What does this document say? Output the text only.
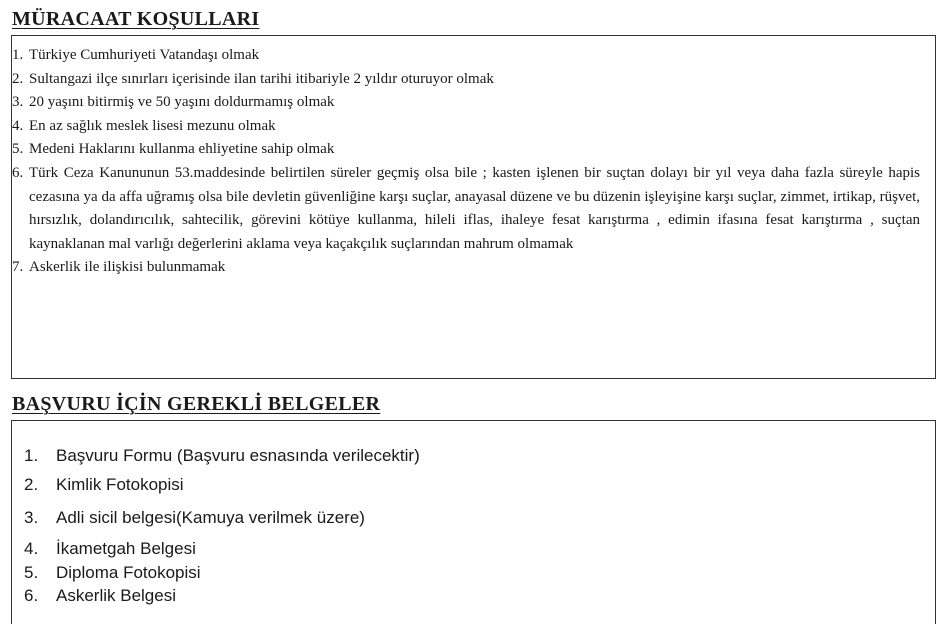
MÜRACAAT KOŞULLARI
1. Türkiye Cumhuriyeti Vatandaşı olmak
2. Sultangazi ilçe sınırları içerisinde ilan tarihi itibariyle 2 yıldır oturuyor olmak
3. 20 yaşını bitirmiş ve 50 yaşını doldurmamış olmak
4. En az sağlık meslek lisesi mezunu olmak
5. Medeni Haklarını kullanma ehliyetine sahip olmak
6. Türk Ceza Kanununun 53.maddesinde belirtilen süreler geçmiş olsa bile ; kasten işlenen bir suçtan dolayı bir yıl veya daha fazla süreyle hapis cezasına ya da affa uğramış olsa bile devletin güvenliğine karşı suçlar, anayasal düzene ve bu düzenin işleyişine karşı suçlar, zimmet, irtikap, rüşvet, hırsızlık, dolandırıcılık, sahtecilik, görevini kötüye kullanma, hileli iflas, ihaleye fesat karıştırma , edimin ifasına fesat karıştırma , suçtan kaynaklanan mal varlığı değerlerini aklama veya kaçakçılık suçlarından mahrum olmamak
7. Askerlik ile ilişkisi bulunmamak
BAŞVURU İÇİN GEREKLİ BELGELER
1.	Başvuru Formu (Başvuru esnasında verilecektir)
2.	Kimlik Fotokopisi
3.	Adli sicil belgesi(Kamuya verilmek üzere)
4.	İkametgah Belgesi
5.	Diploma Fotokopisi
6.	Askerlik Belgesi
